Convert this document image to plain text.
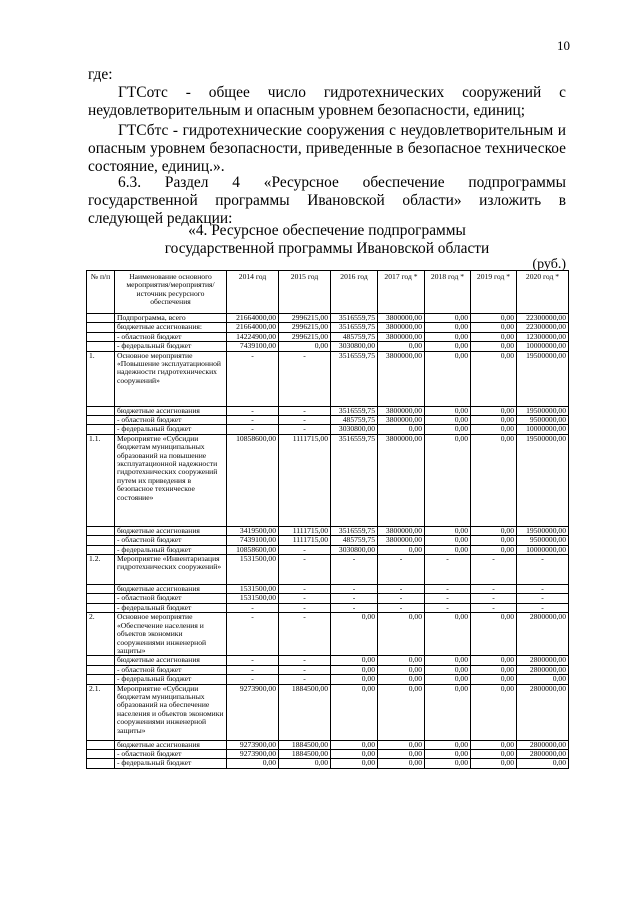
10
где:
ГТСотс - общее число гидротехнических сооружений с неудовлетворительным и опасным уровнем безопасности, единиц;
ГТСбтс - гидротехнические сооружения с неудовлетворительным и опасным уровнем безопасности, приведенные в безопасное техническое состояние, единиц.».
6.3. Раздел 4 «Ресурсное обеспечение подпрограммы государственной программы Ивановской области» изложить в следующей редакции:
«4. Ресурсное обеспечение подпрограммы
государственной программы Ивановской области
(руб.)
№ п/п	Наименование основного мероприятия/мероприятия/ источник ресурсного обеспечения	2014 год	2015 год	2016 год	2017 год *	2018 год *	2019 год *	2020 год *
	Подпрограмма, всего	21664000,00	2996215,00	3516559,75	3800000,00	0,00	0,00	22300000,00
	бюджетные ассигнования:	21664000,00	2996215,00	3516559,75	3800000,00	0,00	0,00	22300000,00
	- областной бюджет	14224900,00	2996215,00	485759,75	3800000,00	0,00	0,00	12300000,00
	- федеральный бюджет	7439100,00	0,00	3030800,00	0,00	0,00	0,00	10000000,00
1.	Основное мероприятие «Повышение эксплуатационной надежности гидротехнических сооружений»	-	-	3516559,75	3800000,00	0,00	0,00	19500000,00
	бюджетные ассигнования	-	-	3516559,75	3800000,00	0,00	0,00	19500000,00
	- областной бюджет	-	-	485759,75	3800000,00	0,00	0,00	9500000,00
	- федеральный бюджет	-	-	3030800,00	0,00	0,00	0,00	10000000,00
1.1.	Мероприятие «Субсидии бюджетам муниципальных образований на повышение эксплуатационной надежности гидротехнических сооружений путем их приведения в безопасное техническое состояние»	10858600,00	1111715,00	3516559,75	3800000,00	0,00	0,00	19500000,00
	бюджетные ассигнования	3419500,00	1111715,00	3516559,75	3800000,00	0,00	0,00	19500000,00
	- областной бюджет	7439100,00	1111715,00	485759,75	3800000,00	0,00	0,00	9500000,00
	- федеральный бюджет	10858600,00	-	3030800,00	0,00	0,00	0,00	10000000,00
1.2.	Мероприятие «Инвентаризация гидротехнических сооружений»	1531500,00	-	-	-	-	-	-
	бюджетные ассигнования	1531500,00	-	-	-	-	-	-
	- областной бюджет	1531500,00	-	-	-	-	-	-
	- федеральный бюджет	-	-	-	-	-	-	-
2.	Основное мероприятие «Обеспечение населения и объектов экономики сооружениями инженерной защиты»	-	-	0,00	0,00	0,00	0,00	2800000,00
	бюджетные ассигнования	-	-	0,00	0,00	0,00	0,00	2800000,00
	- областной бюджет	-	-	0,00	0,00	0,00	0,00	2800000,00
	- федеральный бюджет	-	-	0,00	0,00	0,00	0,00	0,00
2.1.	Мероприятие «Субсидии бюджетам муниципальных образований на обеспечение населения и объектов экономики сооружениями инженерной защиты»	9273900,00	1884500,00	0,00	0,00	0,00	0,00	2800000,00
	бюджетные ассигнования	9273900,00	1884500,00	0,00	0,00	0,00	0,00	2800000,00
	- областной бюджет	9273900,00	1884500,00	0,00	0,00	0,00	0,00	2800000,00
	- федеральный бюджет	0,00	0,00	0,00	0,00	0,00	0,00	0,00
